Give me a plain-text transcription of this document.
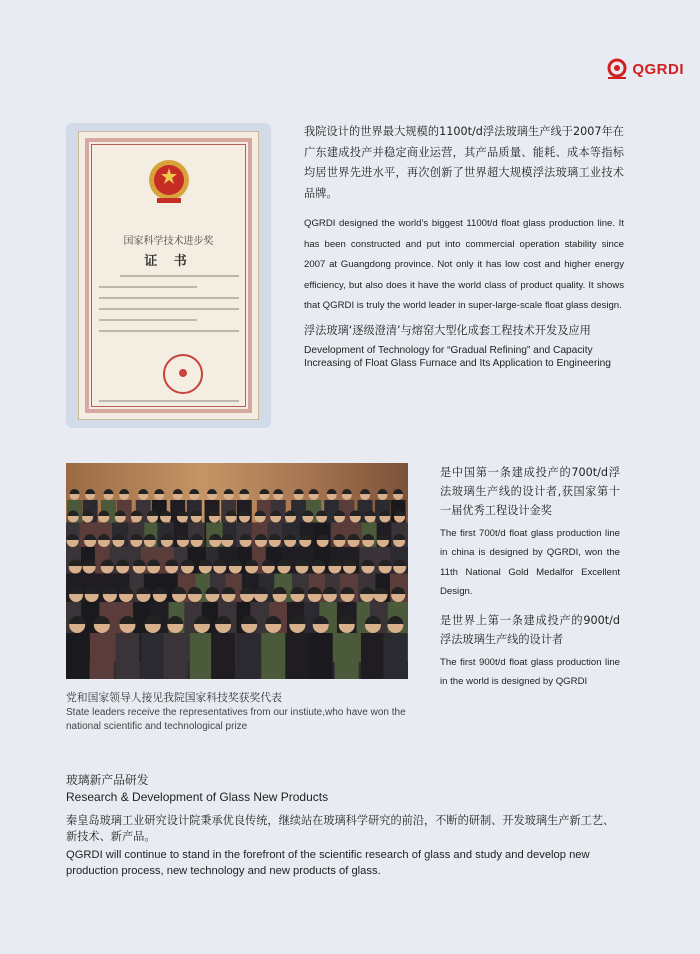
QGRDI
国家科学技术进步奖
证 书

我院设计的世界最大规模的1100t/d浮法玻璃生产线于2007年在广东建成投产并稳定商业运营，其产品质量、能耗、成本等指标均居世界先进水平，再次创新了世界超大规模浮法玻璃工业技术品牌。

QGRDI designed the world’s biggest 1100t/d float glass production line. It has been constructed and put into commercial operation stability since 2007 at Guangdong province. Not only it has low cost and higher energy efficiency, but also does it have the world class of product quality. It shows that QGRDI is truly the world leader in super-large-scale float glass design.

浮法玻璃‘逐级澄清’与熔窑大型化成套工程技术开发及应用

Development of Technology for “Gradual Refining” and Capacity Increasing of Float Glass Furnace and Its Application to Engineering

党和国家领导人接见我院国家科技奖获奖代表
State leaders receive the representatives from our instiute,who have won the national scientific and technological prize

是中国第一条建成投产的700t/d浮法玻璃生产线的设计者,获国家第十一届优秀工程设计金奖

The first 700t/d float glass production line in china is designed by QGRDI, won the 11th National Gold Medalfor Excellent Design.

是世界上第一条建成投产的900t/d浮法玻璃生产线的设计者

The first 900t/d float glass production line in the world is designed by QGRDI

玻璃新产品研发

Research & Development of Glass New Products

秦皇岛玻璃工业研究设计院秉承优良传统，继续站在玻璃科学研究的前沿，不断的研制、开发玻璃生产新工艺、新技术、新产品。

QGRDI will continue to stand in the forefront of the scientific research of glass and study and develop new production process, new technology and new products of glass.
